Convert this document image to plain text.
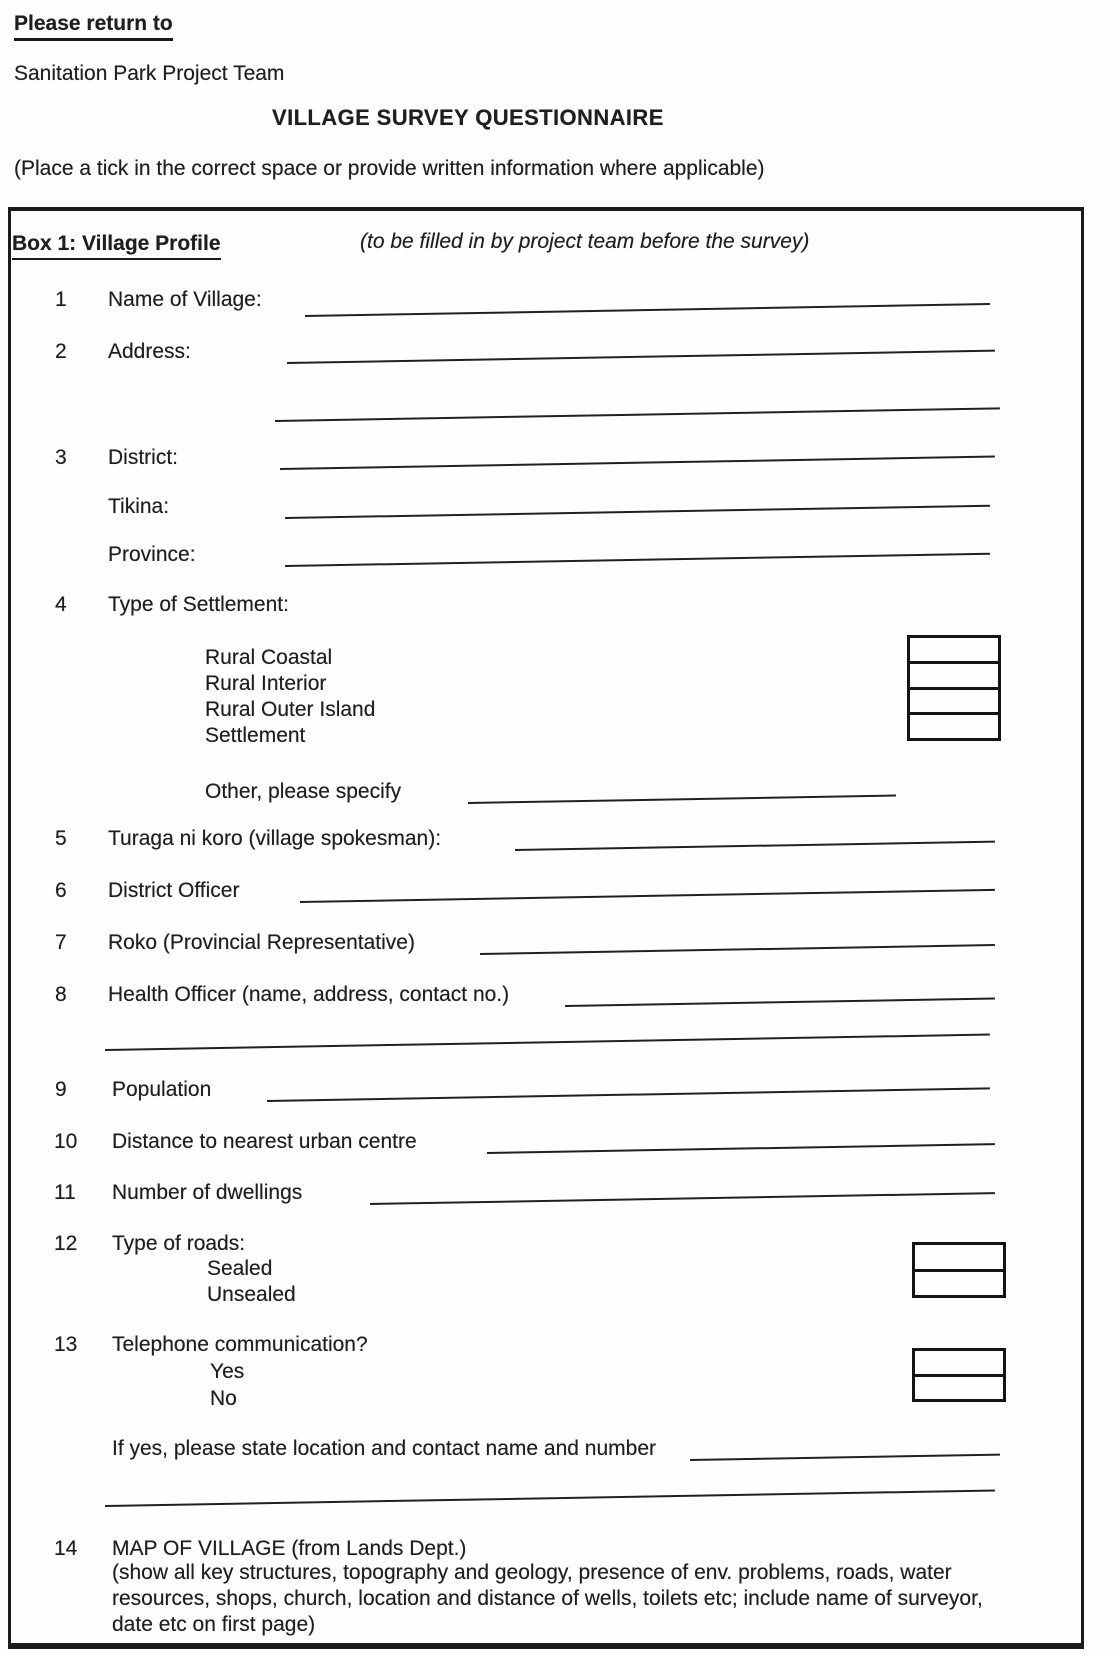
Please return to
Sanitation Park Project Team
VILLAGE SURVEY QUESTIONNAIRE
(Place a tick in the correct space or provide written information where applicable)
Box 1: Village Profile	(to be filled in by project team before the survey)
1 Name of Village:
2 Address:
3 District:
Tikina:
Province:
4 Type of Settlement:
Rural Coastal
Rural Interior
Rural Outer Island
Settlement
Other, please specify
5 Turaga ni koro (village spokesman):
6 District Officer
7 Roko (Provincial Representative)
8 Health Officer (name, address, contact no.)
9 Population
10 Distance to nearest urban centre
11 Number of dwellings
12 Type of roads:
Sealed
Unsealed
13 Telephone communication?
Yes
No
If yes, please state location and contact name and number
14 MAP OF VILLAGE (from Lands Dept.)
(show all key structures, topography and geology, presence of env. problems, roads, water resources, shops, church, location and distance of wells, toilets etc; include name of surveyor, date etc on first page)
